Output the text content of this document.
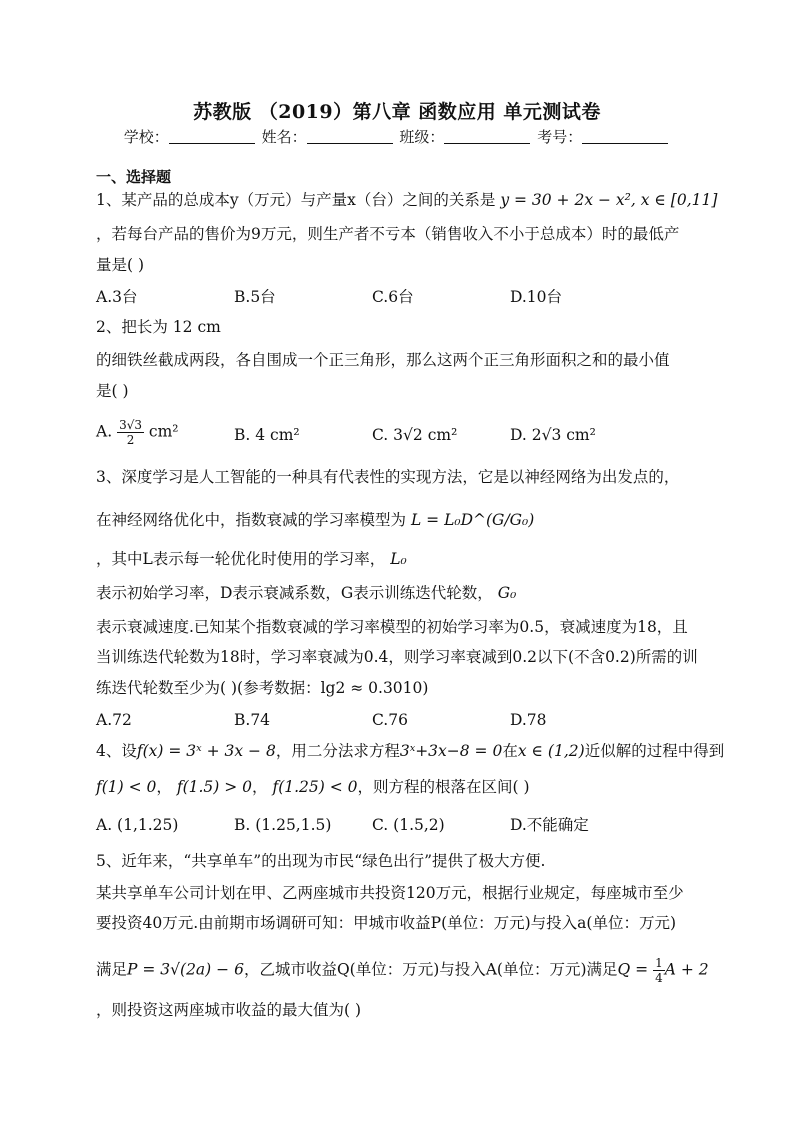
苏教版 （2019）第八章 函数应用 单元测试卷
学校：	姓名：	班级：	考号：
一、选择题
1、某产品的总成本y（万元）与产量x（台）之间的关系是 y = 30 + 2x − x², x ∈ [0,11]
，若每台产品的售价为9万元，则生产者不亏本（销售收入不小于总成本）时的最低产
量是( )
A.3台	B.5台	C.6台	D.10台
2、把长为 12 cm
的细铁丝截成两段，各自围成一个正三角形，那么这两个正三角形面积之和的最小值
是( )
A. $\frac{3√3}{2} cm^2$	B. 4 cm²	C. 3√2 cm²	D. 2√3 cm²
3、深度学习是人工智能的一种具有代表性的实现方法，它是以神经网络为出发点的，
在神经网络优化中，指数衰减的学习率模型为 L = L₀D^(G/G₀)
，其中L表示每一轮优化时使用的学习率， L₀
表示初始学习率，D表示衰减系数，G表示训练迭代轮数， G₀
表示衰减速度.已知某个指数衰减的学习率模型的初始学习率为0.5，衰减速度为18，且
当训练迭代轮数为18时，学习率衰减为0.4，则学习率衰减到0.2以下(不含0.2)所需的训
练迭代轮数至少为( )(参考数据：lg2 ≈ 0.3010)
A.72	B.74	C.76	D.78
4、设f(x) = 3ˣ + 3x − 8，用二分法求方程3ˣ+3x−8 = 0在x ∈ (1,2)近似解的过程中得到
f(1) < 0， f(1.5) > 0， f(1.25) < 0，则方程的根落在区间( )
A. (1,1.25)	B. (1.25,1.5)	C. (1.5,2)	D.不能确定
5、近年来，“共享单车”的出现为市民“绿色出行”提供了极大方便.
某共享单车公司计划在甲、乙两座城市共投资120万元，根据行业规定，每座城市至少
要投资40万元.由前期市场调研可知：甲城市收益P(单位：万元)与投入a(单位：万元)
满足P = 3√(2a) − 6，乙城市收益Q(单位：万元)与投入A(单位：万元)满足$Q = \frac{1}{4}$ A + 2
，则投资这两座城市收益的最大值为( )
